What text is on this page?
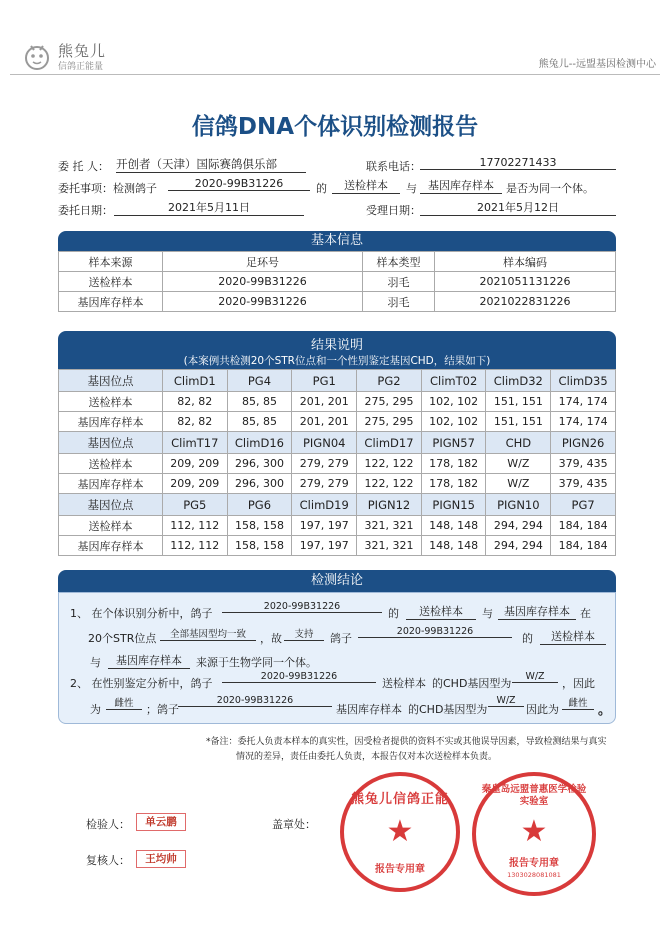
熊兔儿
信鸽正能量	熊兔儿--远盟基因检测中心
信鸽DNA个体识别检测报告
委 托 人： 开创者（天津）国际赛鸽俱乐部	联系电话：	17702271433
委托事项：检测鸽子	2020-99B31226	的	送检样本	与	基因库存样本	是否为同一个体。
委托日期：	2021年5月11日	受理日期：	2021年5月12日
基本信息
样本来源	足环号	样本类型	样本编码
送检样本	2020-99B31226	羽毛	2021051131226
基因库存样本	2020-99B31226	羽毛	2021022831226
结果说明
(本案例共检测20个STR位点和一个性别鉴定基因CHD，结果如下)
基因位点	ClimD1	PG4	PG1	PG2	ClimT02	ClimD32	ClimD35
送检样本	82, 82	85, 85	201, 201	275, 295	102, 102	151, 151	174, 174
基因库存样本	82, 82	85, 85	201, 201	275, 295	102, 102	151, 151	174, 174
基因位点	ClimT17	ClimD16	PIGN04	ClimD17	PIGN57	CHD	PIGN26
送检样本	209, 209	296, 300	279, 279	122, 122	178, 182	W/Z	379, 435
基因库存样本	209, 209	296, 300	279, 279	122, 122	178, 182	W/Z	379, 435
基因位点	PG5	PG6	ClimD19	PIGN12	PIGN15	PIGN10	PG7
送检样本	112, 112	158, 158	197, 197	321, 321	148, 148	294, 294	184, 184
基因库存样本	112, 112	158, 158	197, 197	321, 321	148, 148	294, 294	184, 184
检测结论
1、 在个体识别分析中，鸽子
2020-99B31226
的	送检样本	与	基因库存样本 在
20个STR位点	全部基因型均一致	，故	支持	鸽子
2020-99B31226
的	送检样本
与	基因库存样本	来源于生物学同一个体。
2、 在性别鉴定分析中，鸽子
2020-99B31226
送检样本 的CHD基因型为
W/Z
，因此
为	雌性	；鸽子
2020-99B31226
基因库存样本 的CHD基因型为
W/Z
因此为 雌性 。
*备注：委托人负责本样本的真实性，因受检者提供的资料不实或其他误导因素，导致检测结果与真实
情况的差异，责任由委托人负责，本报告仅对本次送检样本负责。
检验人：	单云鹏
复核人：	王均帅
盖章处：
熊兔儿信鸽正能
★
报告专用章
秦皇岛远盟普惠医学检验实验室
★
报告专用章
1303028081081
